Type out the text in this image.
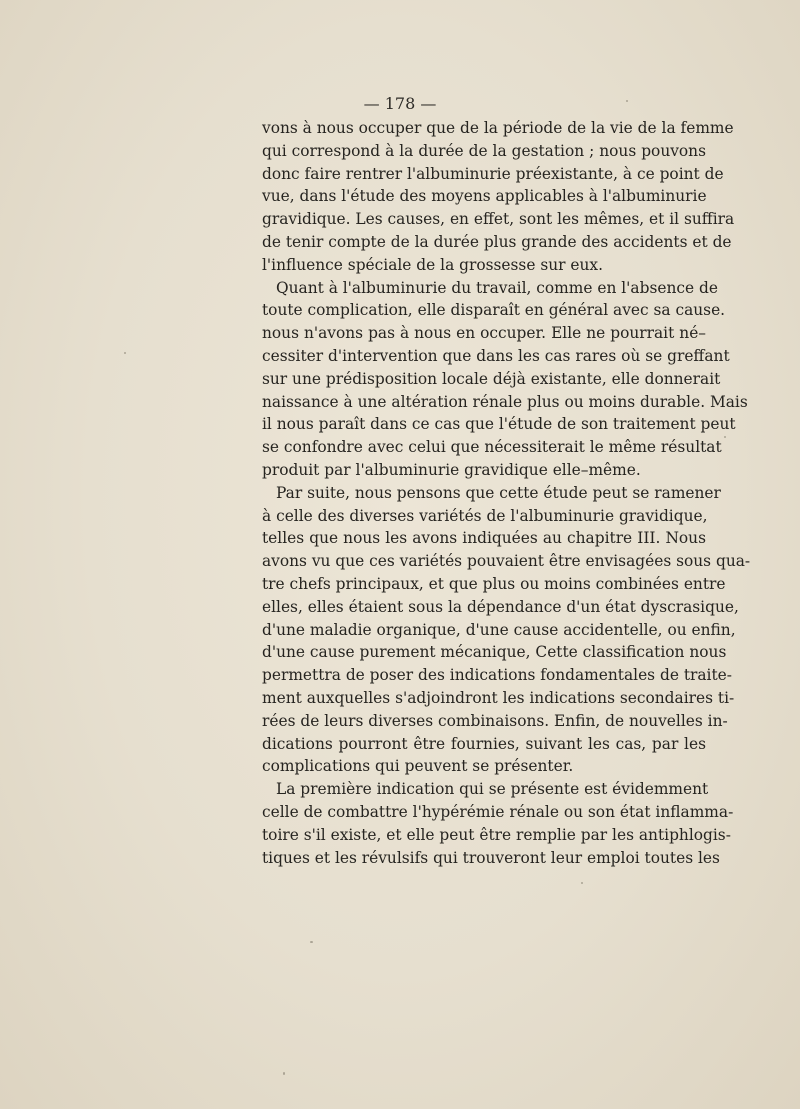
— 178 —
vons à nous occuper que de la période de la vie de la femme
qui correspond à la durée de la gestation ; nous pouvons
donc faire rentrer l'albuminurie préexistante, à ce point de
vue, dans l'étude des moyens applicables à l'albuminurie
gravidique. Les causes, en effet, sont les mêmes, et il suffira
de tenir compte de la durée plus grande des accidents et de
l'influence spéciale de la grossesse sur eux.
Quant à l'albuminurie du travail, comme en l'absence de
toute complication, elle disparaît en général avec sa cause.
nous n'avons pas à nous en occuper. Elle ne pourrait né–
cessiter d'intervention que dans les cas rares où se greffant
sur une prédisposition locale déjà existante, elle donnerait
naissance à une altération rénale plus ou moins durable. Mais
il nous paraît dans ce cas que l'étude de son traitement peut
se confondre avec celui que nécessiterait le même résultat
produit par l'albuminurie gravidique elle–même.
Par suite, nous pensons que cette étude peut se ramener
à celle des diverses variétés de l'albuminurie gravidique,
telles que nous les avons indiquées au chapitre III. Nous
avons vu que ces variétés pouvaient être envisagées sous qua-
tre chefs principaux, et que plus ou moins combinées entre
elles, elles étaient sous la dépendance d'un état dyscrasique,
d'une maladie organique, d'une cause accidentelle, ou enfin,
d'une cause purement mécanique, Cette classification nous
permettra de poser des indications fondamentales de traite-
ment auxquelles s'adjoindront les indications secondaires ti-
rées de leurs diverses combinaisons. Enfin, de nouvelles in-
dications pourront être fournies, suivant les cas, par les
complications qui peuvent se présenter.
La première indication qui se présente est évidemment
celle de combattre l'hypérémie rénale ou son état inflamma-
toire s'il existe, et elle peut être remplie par les antiphlogis-
tiques et les révulsifs qui trouveront leur emploi toutes les
